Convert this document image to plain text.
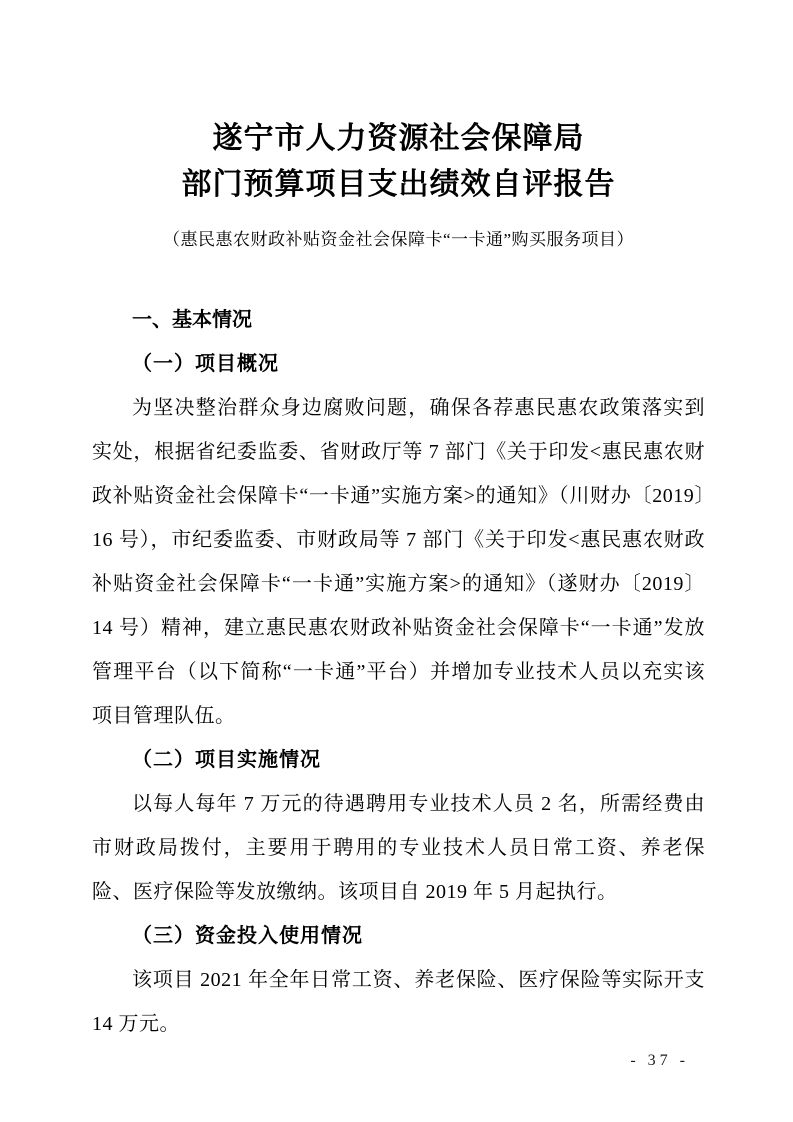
遂宁市人力资源社会保障局
部门预算项目支出绩效自评报告
（惠民惠农财政补贴资金社会保障卡“一卡通”购买服务项目）
一、基本情况
（一）项目概况
为坚决整治群众身边腐败问题，确保各荐惠民惠农政策落实到实处，根据省纪委监委、省财政厅等 7 部门《关于印发<惠民惠农财政补贴资金社会保障卡“一卡通”实施方案>的通知》（川财办〔2019〕16 号），市纪委监委、市财政局等 7 部门《关于印发<惠民惠农财政补贴资金社会保障卡“一卡通”实施方案>的通知》（遂财办〔2019〕14 号）精神，建立惠民惠农财政补贴资金社会保障卡“一卡通”发放管理平台（以下简称“一卡通”平台）并增加专业技术人员以充实该项目管理队伍。
（二）项目实施情况
以每人每年 7 万元的待遇聘用专业技术人员 2 名，所需经费由市财政局拨付，主要用于聘用的专业技术人员日常工资、养老保险、医疗保险等发放缴纳。该项目自 2019 年 5 月起执行。
（三）资金投入使用情况
该项目 2021 年全年日常工资、养老保险、医疗保险等实际开支 14 万元。
- 37 -
